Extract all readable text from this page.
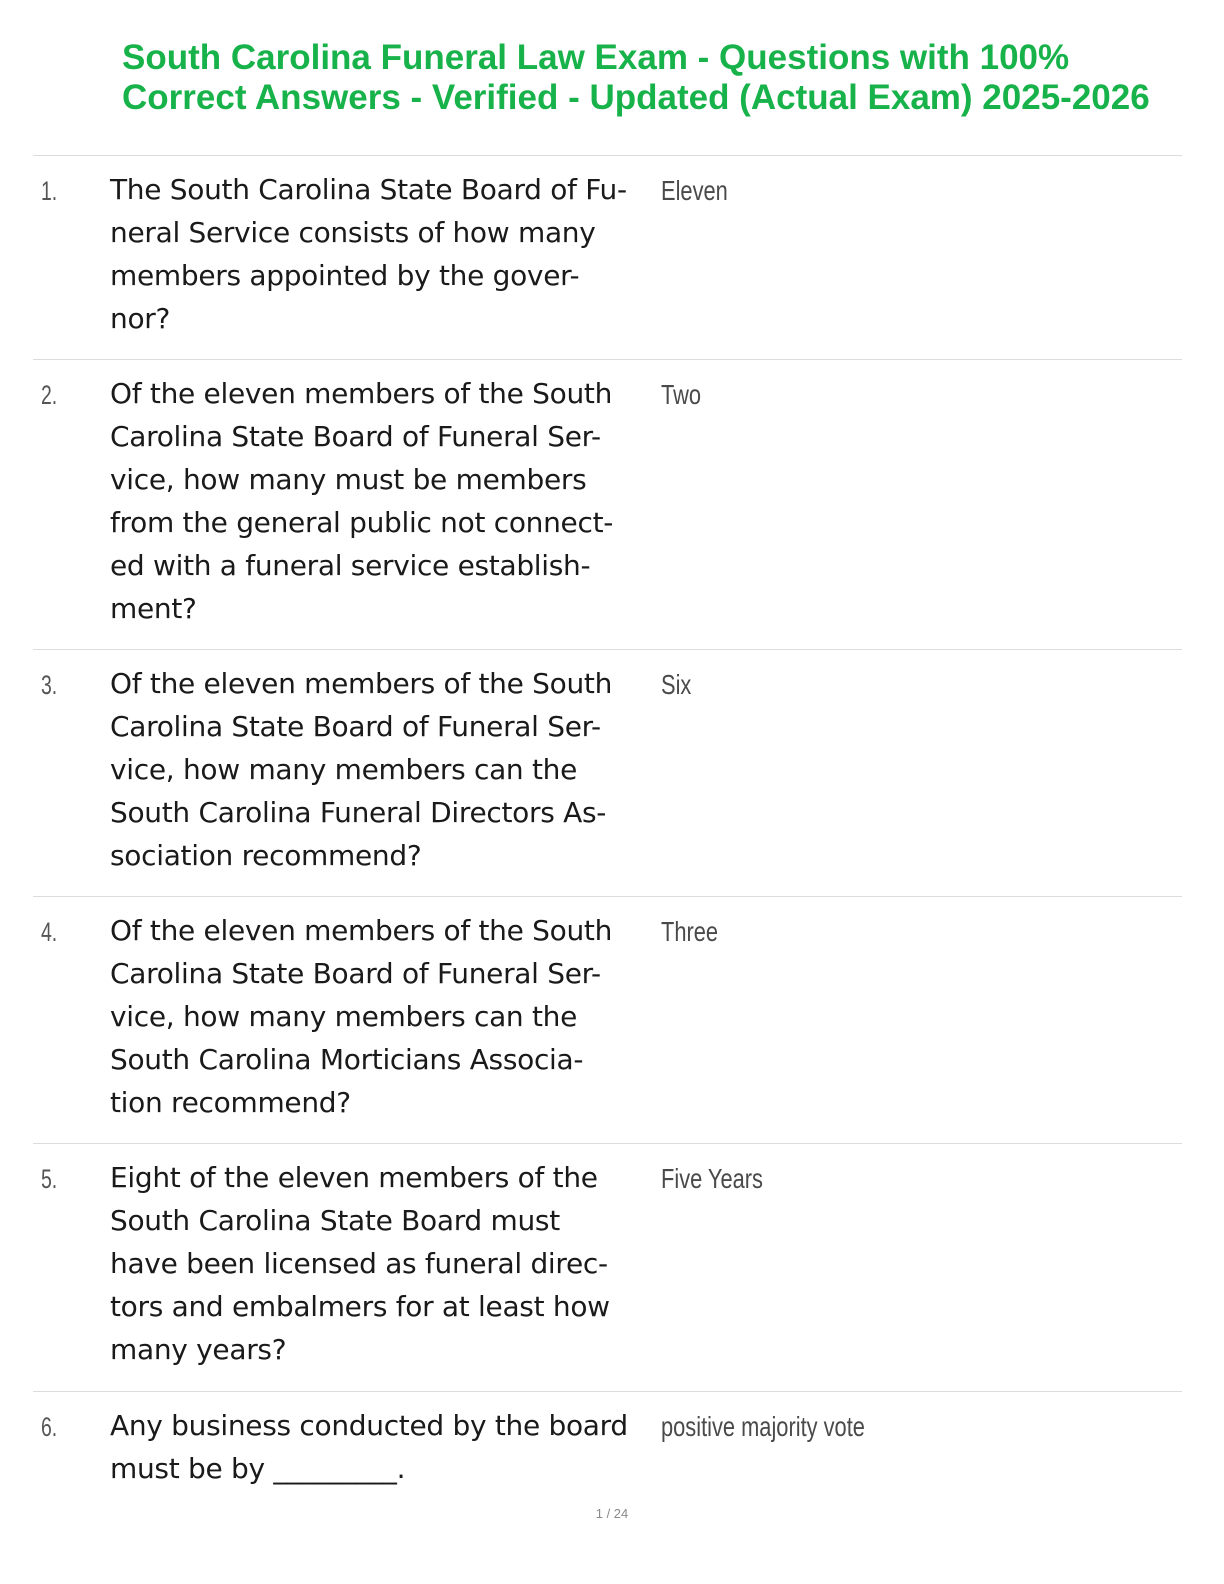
South Carolina Funeral Law Exam - Questions with 100%
Correct Answers - Verified - Updated (Actual Exam) 2025-2026
1. The South Carolina State Board of Fu-
neral Service consists of how many
members appointed by the gover-
nor?
Eleven
2. Of the eleven members of the South
Carolina State Board of Funeral Ser-
vice, how many must be members
from the general public not connect-
ed with a funeral service establish-
ment?
Two
3. Of the eleven members of the South
Carolina State Board of Funeral Ser-
vice, how many members can the
South Carolina Funeral Directors As-
sociation recommend?
Six
4. Of the eleven members of the South
Carolina State Board of Funeral Ser-
vice, how many members can the
South Carolina Morticians Associa-
tion recommend?
Three
5. Eight of the eleven members of the
South Carolina State Board must
have been licensed as funeral direc-
tors and embalmers for at least how
many years?
Five Years
6. Any business conducted by the board
must be by _________.
positive majority vote
1 / 24
